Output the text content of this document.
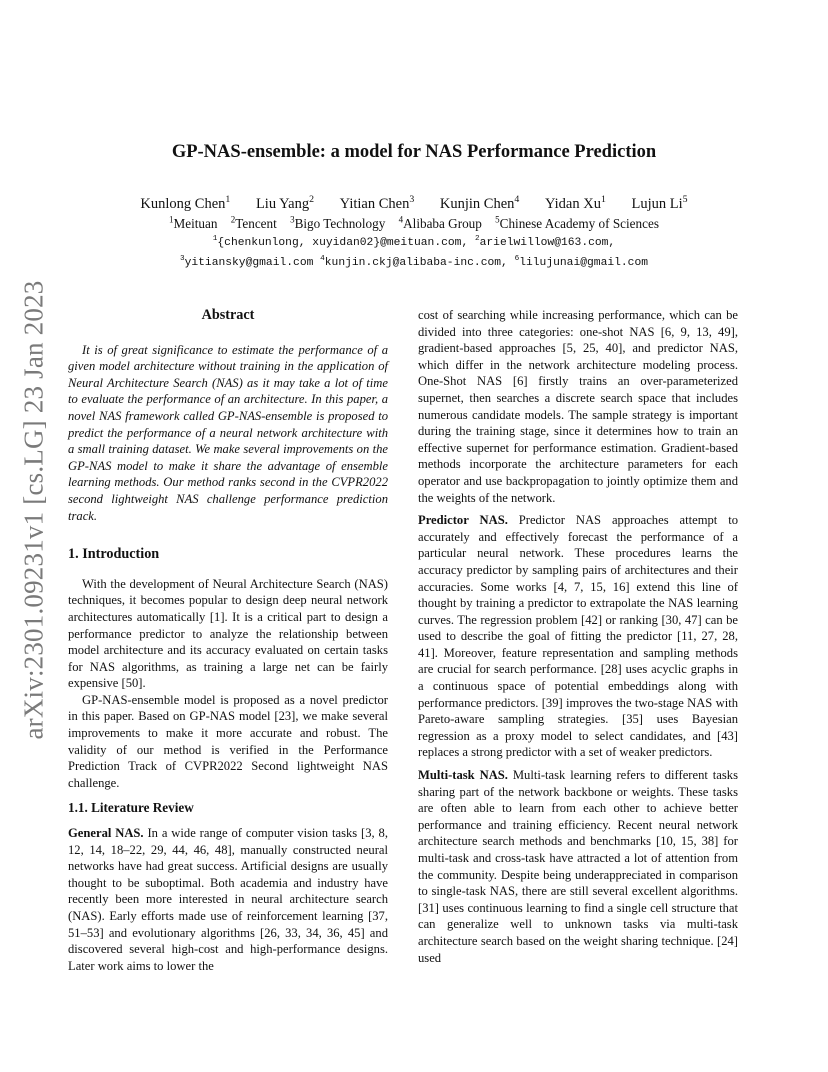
arXiv:2301.09231v1 [cs.LG] 23 Jan 2023
GP-NAS-ensemble: a model for NAS Performance Prediction
Kunlong Chen$^1$ Liu Yang$^2$ Yitian Chen$^3$ Kunjin Chen$^4$ Yidan Xu$^1$ Lujun Li$^5$
$^1$Meituan $^2$Tencent $^3$Bigo Technology $^4$Alibaba Group $^5$Chinese Academy of Sciences
$^1${chenkunlong, xuyidan02}@meituan.com, $^2$arielwillow@163.com,
$^3$yitiansky@gmail.com $^4$kunjin.ckj@alibaba-inc.com, $^6$lilujunai@gmail.com
Abstract

It is of great significance to estimate the performance of a given model architecture without training in the application of Neural Architecture Search (NAS) as it may take a lot of time to evaluate the performance of an architecture. In this paper, a novel NAS framework called GP-NAS-ensemble is proposed to predict the performance of a neural network architecture with a small training dataset. We make several improvements on the GP-NAS model to make it share the advantage of ensemble learning methods. Our method ranks second in the CVPR2022 second lightweight NAS challenge performance prediction track.

1. Introduction

With the development of Neural Architecture Search (NAS) techniques, it becomes popular to design deep neural network architectures automatically [1]. It is a critical part to design a performance predictor to analyze the relationship between model architecture and its accuracy evaluated on certain tasks for NAS algorithms, as training a large net can be fairly expensive [50].

GP-NAS-ensemble model is proposed as a novel predictor in this paper. Based on GP-NAS model [23], we make several improvements to make it more accurate and robust. The validity of our method is verified in the Performance Prediction Track of CVPR2022 Second lightweight NAS challenge.

1.1. Literature Review

General NAS. In a wide range of computer vision tasks [3, 8, 12, 14, 18–22, 29, 44, 46, 48], manually constructed neural networks have had great success. Artificial designs are usually thought to be suboptimal. Both academia and industry have recently been more interested in neural architecture search (NAS). Early efforts made use of reinforcement learning [37, 51–53] and evolutionary algorithms [26, 33, 34, 36, 45] and discovered several high-cost and high-performance designs. Later work aims to lower the

cost of searching while increasing performance, which can be divided into three categories: one-shot NAS [6, 9, 13, 49], gradient-based approaches [5, 25, 40], and predictor NAS, which differ in the network architecture modeling process. One-Shot NAS [6] firstly trains an over-parameterized supernet, then searches a discrete search space that includes numerous candidate models. The sample strategy is important during the training stage, since it determines how to train an effective supernet for performance estimation. Gradient-based methods incorporate the architecture parameters for each operator and use backpropagation to jointly optimize them and the weights of the network.

Predictor NAS. Predictor NAS approaches attempt to accurately and effectively forecast the performance of a particular neural network. These procedures learns the accuracy predictor by sampling pairs of architectures and their accuracies. Some works [4, 7, 15, 16] extend this line of thought by training a predictor to extrapolate the NAS learning curves. The regression problem [42] or ranking [30, 47] can be used to describe the goal of fitting the predictor [11, 27, 28, 41]. Moreover, feature representation and sampling methods are crucial for search performance. [28] uses acyclic graphs in a continuous space of potential embeddings along with performance predictors. [39] improves the two-stage NAS with Pareto-aware sampling strategies. [35] uses Bayesian regression as a proxy model to select candidates, and [43] replaces a strong predictor with a set of weaker predictors.

Multi-task NAS. Multi-task learning refers to different tasks sharing part of the network backbone or weights. These tasks are often able to learn from each other to achieve better performance and training efficiency. Recent neural network architecture search methods and benchmarks [10, 15, 38] for multi-task and cross-task have attracted a lot of attention from the community. Despite being underappreciated in comparison to single-task NAS, there are still several excellent algorithms. [31] uses continuous learning to find a single cell structure that can generalize well to unknown tasks via multi-task architecture search based on the weight sharing technique. [24] used
